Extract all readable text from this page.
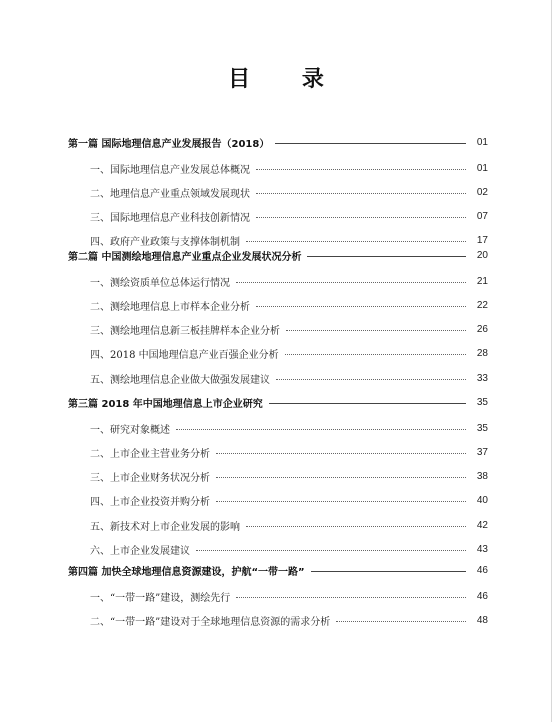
目 录
第一篇 国际地理信息产业发展报告（2018）	01
一、国际地理信息产业发展总体概况	01
二、地理信息产业重点领域发展现状	02
三、国际地理信息产业科技创新情况	07
四、政府产业政策与支撑体制机制	17
第二篇 中国测绘地理信息产业重点企业发展状况分析	20
一、测绘资质单位总体运行情况	21
二、测绘地理信息上市样本企业分析	22
三、测绘地理信息新三板挂牌样本企业分析	26
四、2018 中国地理信息产业百强企业分析	28
五、测绘地理信息企业做大做强发展建议	33
第三篇 2018 年中国地理信息上市企业研究	35
一、研究对象概述	35
二、上市企业主营业务分析	37
三、上市企业财务状况分析	38
四、上市企业投资并购分析	40
五、新技术对上市企业发展的影响	42
六、上市企业发展建议	43
第四篇 加快全球地理信息资源建设，护航“一带一路”	46
一、“一带一路”建设，测绘先行	46
二、“一带一路”建设对于全球地理信息资源的需求分析	48
